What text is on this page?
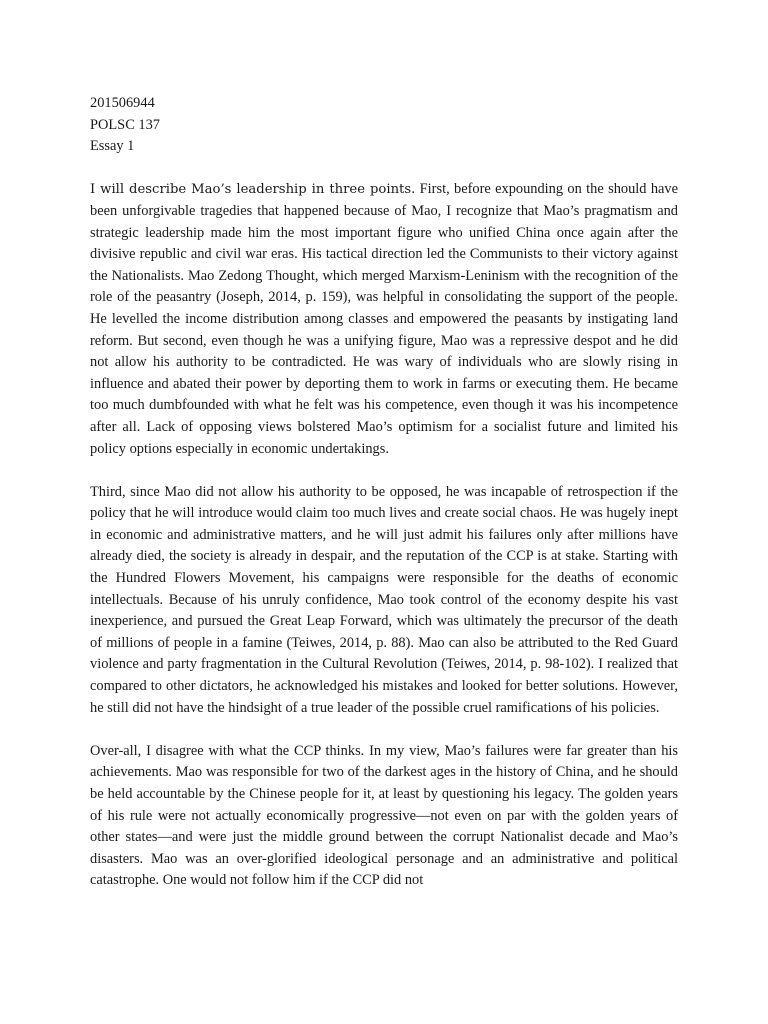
201506944
POLSC 137
Essay 1

I will describe Mao’s leadership in three points. First, before expounding on the should have been unforgivable tragedies that happened because of Mao, I recognize that Mao’s pragmatism and strategic leadership made him the most important figure who unified China once again after the divisive republic and civil war eras. His tactical direction led the Communists to their victory against the Nationalists. Mao Zedong Thought, which merged Marxism-Leninism with the recognition of the role of the peasantry (Joseph, 2014, p. 159), was helpful in consolidating the support of the people. He levelled the income distribution among classes and empowered the peasants by instigating land reform. But second, even though he was a unifying figure, Mao was a repressive despot and he did not allow his authority to be contradicted. He was wary of individuals who are slowly rising in influence and abated their power by deporting them to work in farms or executing them. He became too much dumbfounded with what he felt was his competence, even though it was his incompetence after all. Lack of opposing views bolstered Mao’s optimism for a socialist future and limited his policy options especially in economic undertakings.

Third, since Mao did not allow his authority to be opposed, he was incapable of retrospection if the policy that he will introduce would claim too much lives and create social chaos. He was hugely inept in economic and administrative matters, and he will just admit his failures only after millions have already died, the society is already in despair, and the reputation of the CCP is at stake. Starting with the Hundred Flowers Movement, his campaigns were responsible for the deaths of economic intellectuals. Because of his unruly confidence, Mao took control of the economy despite his vast inexperience, and pursued the Great Leap Forward, which was ultimately the precursor of the death of millions of people in a famine (Teiwes, 2014, p. 88). Mao can also be attributed to the Red Guard violence and party fragmentation in the Cultural Revolution (Teiwes, 2014, p. 98-102). I realized that compared to other dictators, he acknowledged his mistakes and looked for better solutions. However, he still did not have the hindsight of a true leader of the possible cruel ramifications of his policies.

Over-all, I disagree with what the CCP thinks. In my view, Mao’s failures were far greater than his achievements. Mao was responsible for two of the darkest ages in the history of China, and he should be held accountable by the Chinese people for it, at least by questioning his legacy. The golden years of his rule were not actually economically progressive—not even on par with the golden years of other states—and were just the middle ground between the corrupt Nationalist decade and Mao’s disasters. Mao was an over-glorified ideological personage and an administrative and political catastrophe. One would not follow him if the CCP did not
